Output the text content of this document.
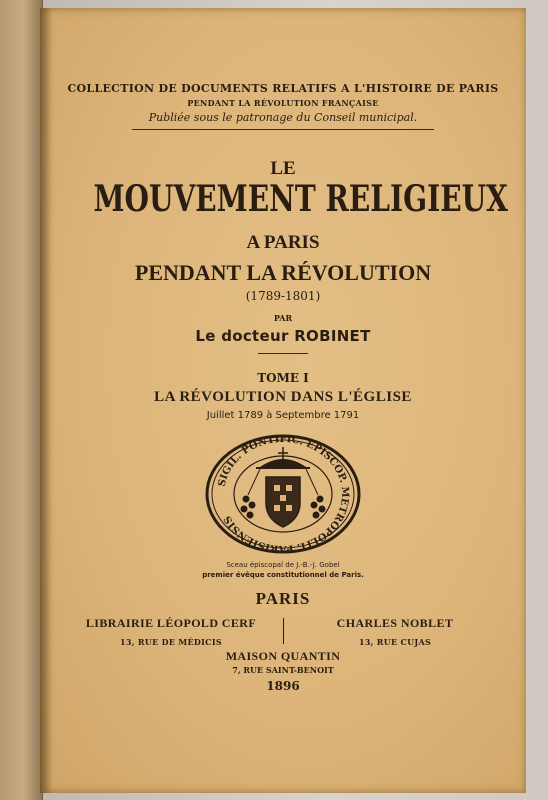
COLLECTION DE DOCUMENTS RELATIFS A L'HISTOIRE DE PARIS
PENDANT LA RÉVOLUTION FRANÇAISE
Publiée sous le patronage du Conseil municipal.
LE
MOUVEMENT RELIGIEUX
A PARIS
PENDANT LA RÉVOLUTION
(1789-1801)
PAR
Le docteur ROBINET
TOME I
LA RÉVOLUTION DANS L'ÉGLISE
Juillet 1789 à Septembre 1791
SIGIL. PONTIFIC. EPISCOP. METROPOLIT. PARISIENSIS
Sceau épiscopal de J.-B.-J. Gobel
premier évêque constitutionnel de Paris.
PARIS
LIBRAIRIE LÉOPOLD CERF
13, RUE DE MÉDICIS
CHARLES NOBLET
13, RUE CUJAS
MAISON QUANTIN
7, RUE SAINT-BENOIT
1896
